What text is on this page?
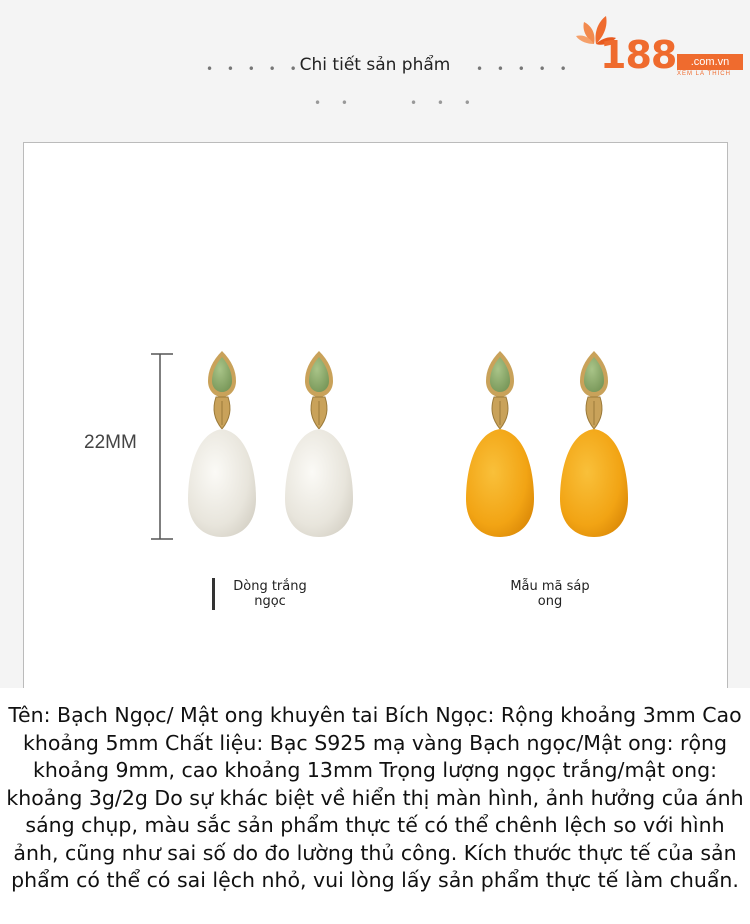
• • • • •
Chi tiết sản phẩm	• • • • •
• •	• • •
188	.com.vn
XEM LÀ THÍCH
22MM
Dòng trắng ngọc
Mẫu mã sáp ong

Tên: Bạch Ngọc/ Mật ong khuyên tai Bích Ngọc: Rộng khoảng 3mm Cao khoảng 5mm Chất liệu: Bạc S925 mạ vàng Bạch ngọc/Mật ong: rộng khoảng 9mm, cao khoảng 13mm Trọng lượng ngọc trắng/mật ong: khoảng 3g/2g Do sự khác biệt về hiển thị màn hình, ảnh hưởng của ánh sáng chụp, màu sắc sản phẩm thực tế có thể chênh lệch so với hình ảnh, cũng như sai số do đo lường thủ công. Kích thước thực tế của sản phẩm có thể có sai lệch nhỏ, vui lòng lấy sản phẩm thực tế làm chuẩn.
